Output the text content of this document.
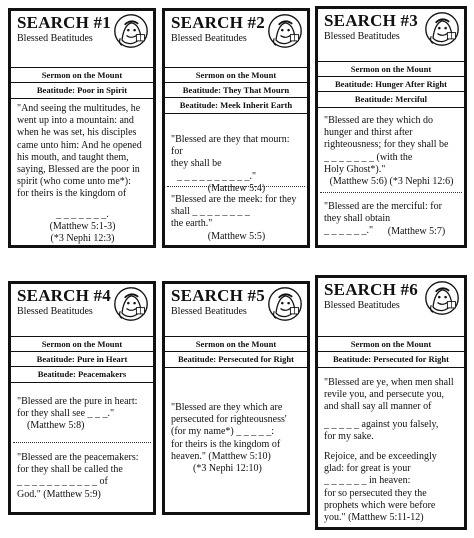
SEARCH #1
Blessed Beatitudes
Sermon on the Mount
Beatitude: Poor in Spirit

"And seeing the multitudes, he

went up into a mountain: and

when he was set, his disciples

came unto him: And he opened

his mouth, and taught them,

saying, Blessed are the poor in

spirit (who come unto me*):

for theirs is the kingdom of

_ _ _ _ _ _ _.

(Matthew 5:1-3)

(*3 Nephi 12:3)

SEARCH #2
Blessed Beatitudes
Sermon on the Mount
Beatitude: They That Mourn
Beatitude: Meek Inherit Earth

"Blessed are they that mourn: for

they shall be

_ _ _ _ _ _ _ _ _ _."

(Matthew 5:4)

"Blessed are the meek: for they

shall _ _ _ _ _ _ _ _

the earth."

(Matthew 5:5)

SEARCH #3
Blessed Beatitudes
Sermon on the Mount
Beatitude: Hunger After Right
Beatitude: Merciful

"Blessed are they which do

hunger and thirst after

righteousness; for they shall be

_ _ _ _ _ _ _ (with the

Holy Ghost*)."

(Matthew 5:6) (*3 Nephi 12:6)

"Blessed are the merciful: for

they shall obtain

_ _ _ _ _ _."	(Matthew 5:7)

SEARCH #4
Blessed Beatitudes
Sermon on the Mount
Beatitude: Pure in Heart
Beatitude: Peacemakers

"Blessed are the pure in heart:

for they shall see _ _ _."

(Matthew 5:8)

"Blessed are the peacemakers:

for they shall be called the

_ _ _ _ _ _ _ _ _ _ _ of

God." (Matthew 5:9)

SEARCH #5
Blessed Beatitudes
Sermon on the Mount
Beatitude: Persecuted for Right

"Blessed are they which are

persecuted for righteousness'

(for my name*) _ _ _ _ _:

for theirs is the kingdom of

heaven." (Matthew 5:10)

(*3 Nephi 12:10)

SEARCH #6
Blessed Beatitudes
Sermon on the Mount
Beatitude: Persecuted for Right

"Blessed are ye, when men shall

revile you, and persecute you,

and shall say all manner of

_ _ _ _ _ against you falsely,

for my sake.

Rejoice, and be exceedingly

glad: for great is your

_ _ _ _ _ _ in heaven:

for so persecuted they the

prophets which were before

you." (Matthew 5:11-12)
